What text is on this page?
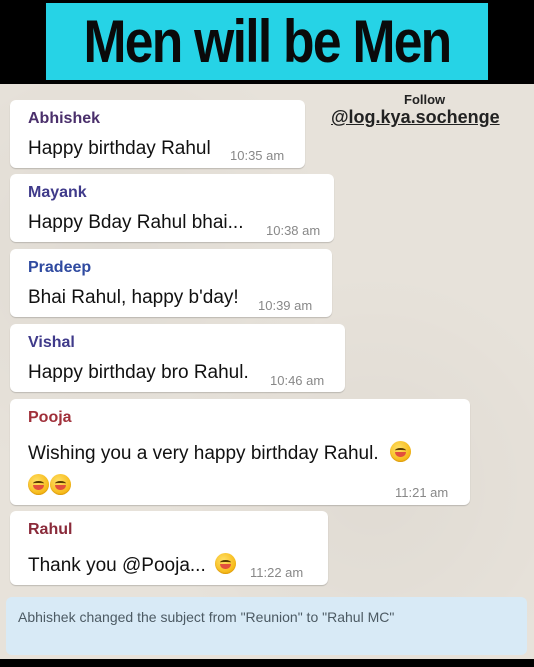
Men will be Men
Abhishek
Happy birthday Rahul 10:35 am
Mayank
Happy Bday Rahul bhai... 10:38 am
Pradeep
Bhai Rahul, happy b'day! 10:39 am
Vishal
Happy birthday bro Rahul. 10:46 am
Pooja
Wishing you a very happy birthday Rahul.
11:21 am
Rahul
Thank you @Pooja...	11:22 am
Follow
@log.kya.sochenge
Abhishek changed the subject from "Reunion" to "Rahul MC"
